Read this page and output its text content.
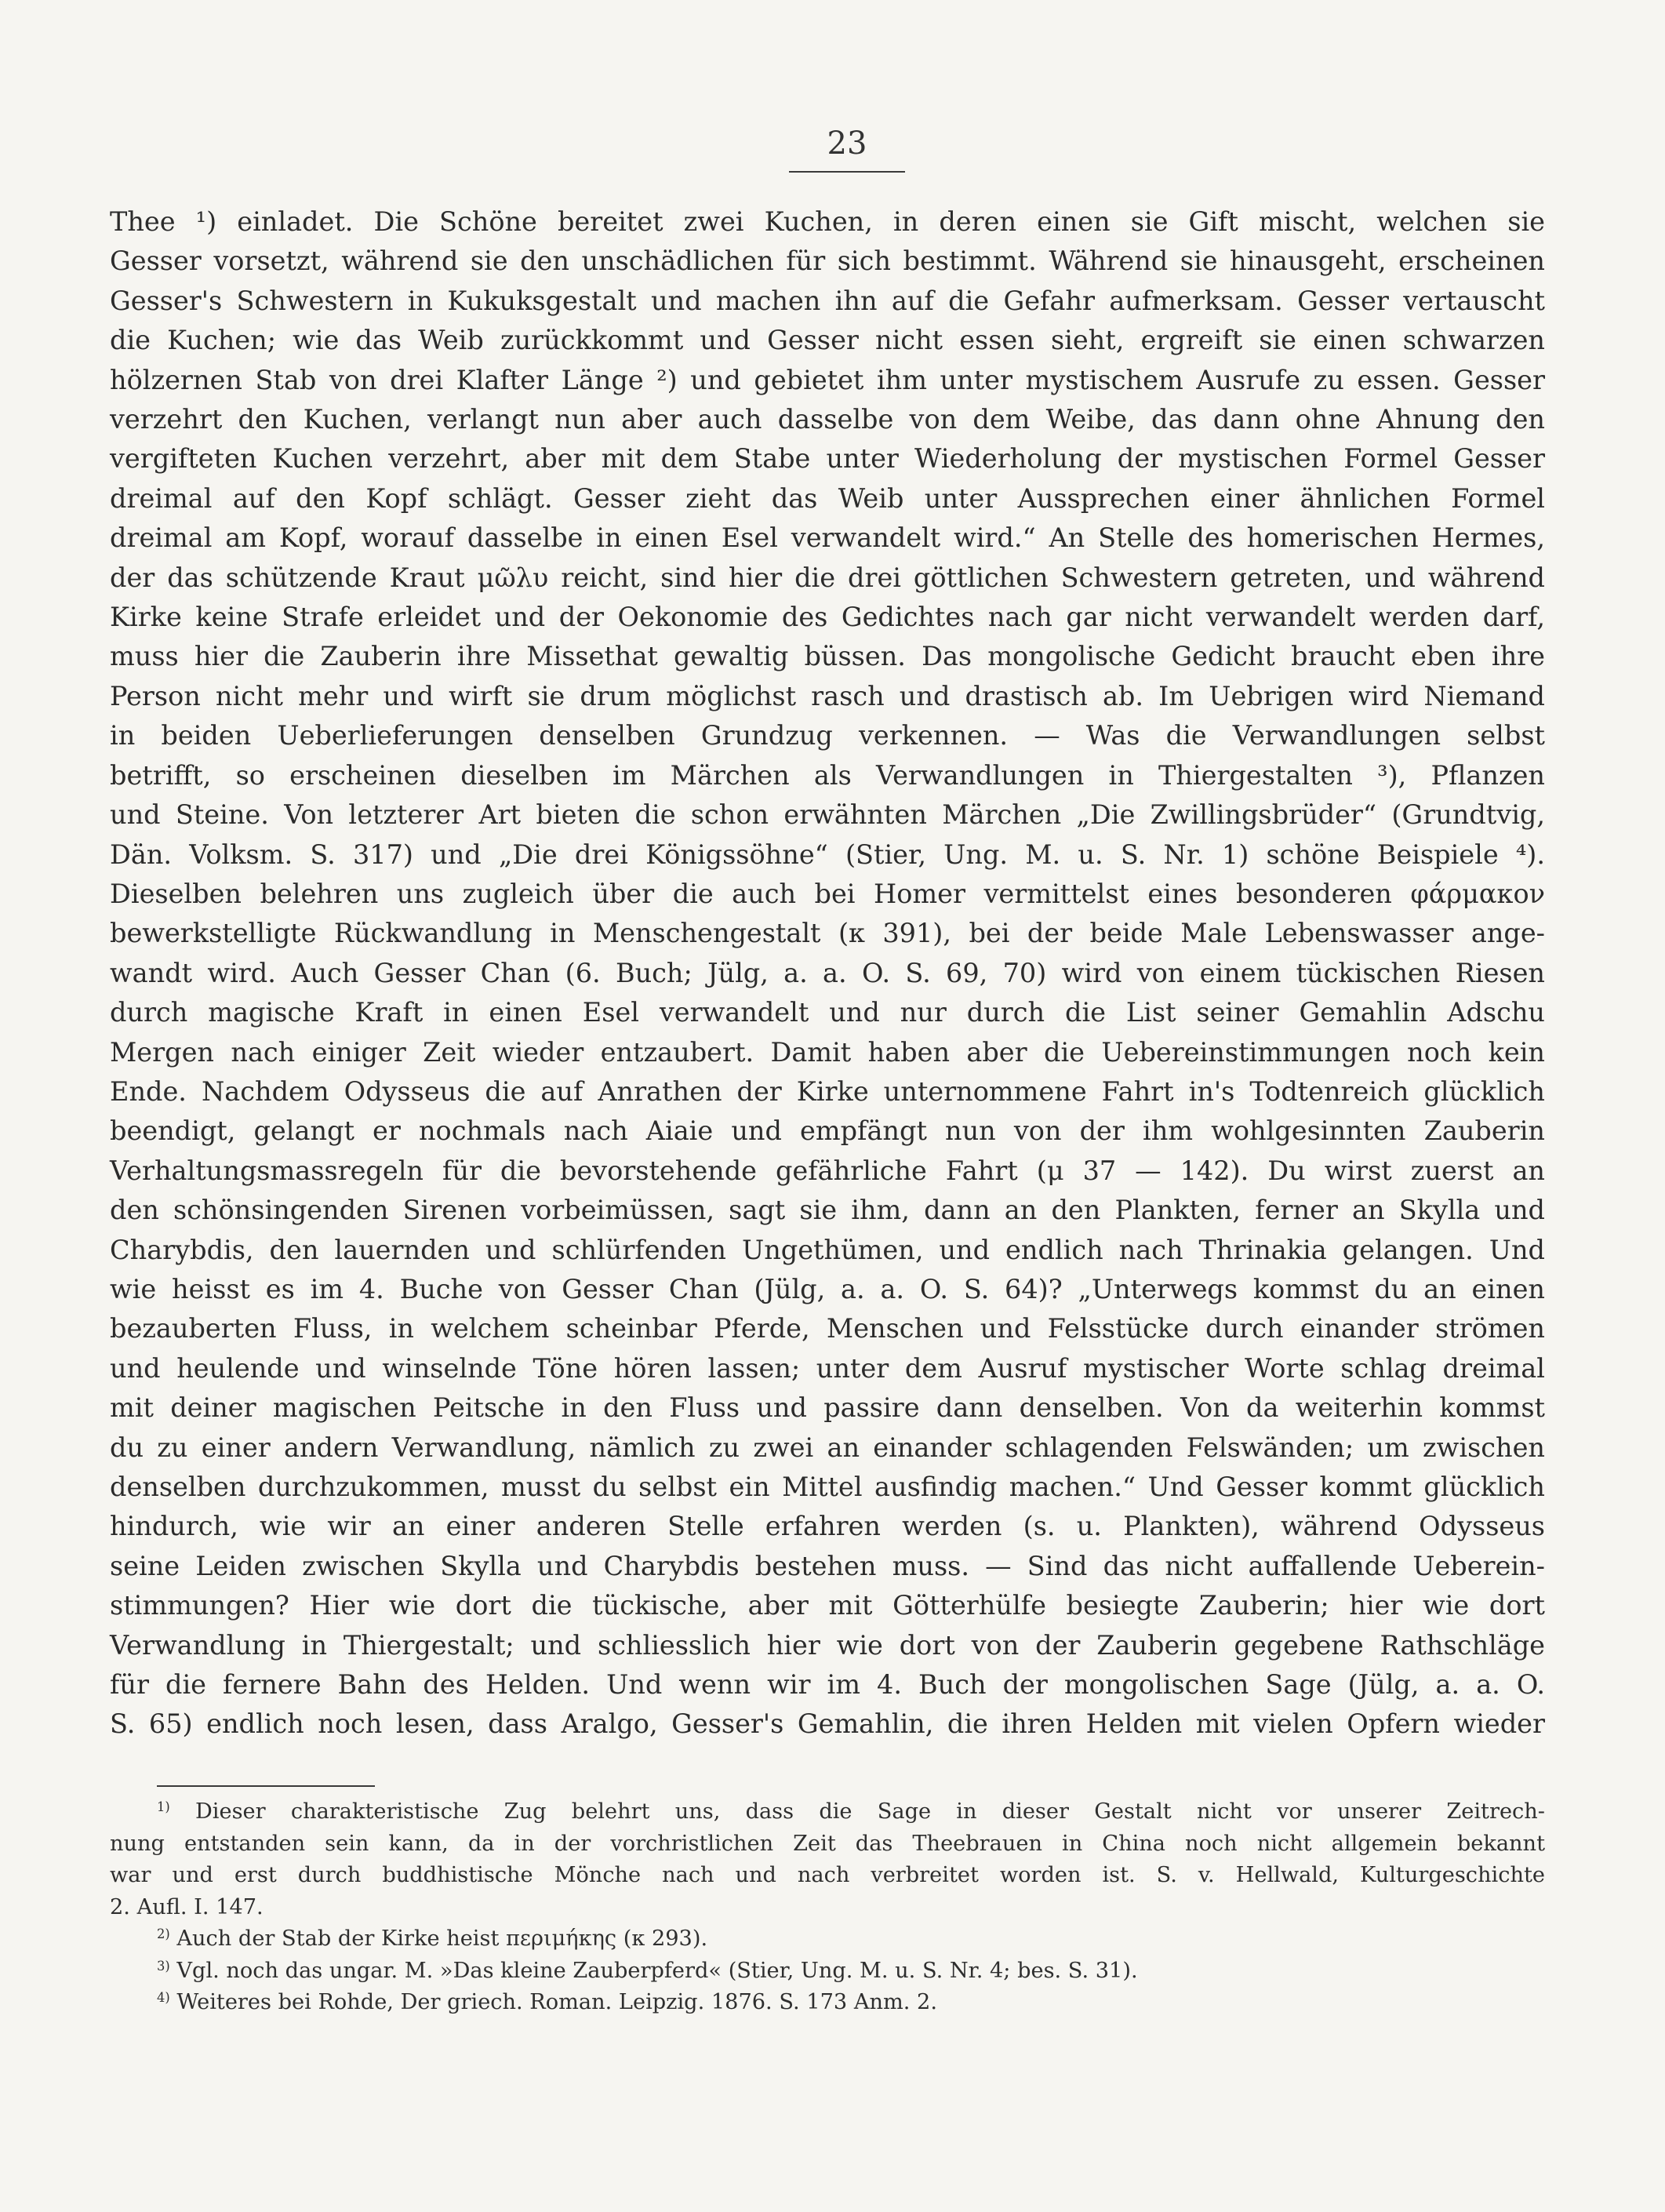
23
Thee ¹) einladet. Die Schöne bereitet zwei Kuchen, in deren einen sie Gift mischt, welchen sie
Gesser vorsetzt, während sie den unschädlichen für sich bestimmt. Während sie hinausgeht, erscheinen
Gesser's Schwestern in Kukuksgestalt und machen ihn auf die Gefahr aufmerksam. Gesser vertauscht
die Kuchen; wie das Weib zurückkommt und Gesser nicht essen sieht, ergreift sie einen schwarzen
hölzernen Stab von drei Klafter Länge ²) und gebietet ihm unter mystischem Ausrufe zu essen. Gesser
verzehrt den Kuchen, verlangt nun aber auch dasselbe von dem Weibe, das dann ohne Ahnung den
vergifteten Kuchen verzehrt, aber mit dem Stabe unter Wiederholung der mystischen Formel Gesser
dreimal auf den Kopf schlägt. Gesser zieht das Weib unter Aussprechen einer ähnlichen Formel
dreimal am Kopf, worauf dasselbe in einen Esel verwandelt wird.“ An Stelle des homerischen Hermes,
der das schützende Kraut μῶλυ reicht, sind hier die drei göttlichen Schwestern getreten, und während
Kirke keine Strafe erleidet und der Oekonomie des Gedichtes nach gar nicht verwandelt werden darf,
muss hier die Zauberin ihre Missethat gewaltig büssen. Das mongolische Gedicht braucht eben ihre
Person nicht mehr und wirft sie drum möglichst rasch und drastisch ab. Im Uebrigen wird Niemand
in beiden Ueberlieferungen denselben Grundzug verkennen. — Was die Verwandlungen selbst
betrifft, so erscheinen dieselben im Märchen als Verwandlungen in Thiergestalten ³), Pflanzen
und Steine. Von letzterer Art bieten die schon erwähnten Märchen „Die Zwillingsbrüder“ (Grundtvig,
Dän. Volksm. S. 317) und „Die drei Königssöhne“ (Stier, Ung. M. u. S. Nr. 1) schöne Beispiele ⁴).
Dieselben belehren uns zugleich über die auch bei Homer vermittelst eines besonderen φάρμακον
bewerkstelligte Rückwandlung in Menschengestalt (κ 391), bei der beide Male Lebenswasser ange-
wandt wird. Auch Gesser Chan (6. Buch; Jülg, a. a. O. S. 69, 70) wird von einem tückischen Riesen
durch magische Kraft in einen Esel verwandelt und nur durch die List seiner Gemahlin Adschu
Mergen nach einiger Zeit wieder entzaubert. Damit haben aber die Uebereinstimmungen noch kein
Ende. Nachdem Odysseus die auf Anrathen der Kirke unternommene Fahrt in's Todtenreich glücklich
beendigt, gelangt er nochmals nach Aiaie und empfängt nun von der ihm wohlgesinnten Zauberin
Verhaltungsmassregeln für die bevorstehende gefährliche Fahrt (μ 37 — 142). Du wirst zuerst an
den schönsingenden Sirenen vorbeimüssen, sagt sie ihm, dann an den Plankten, ferner an Skylla und
Charybdis, den lauernden und schlürfenden Ungethümen, und endlich nach Thrinakia gelangen. Und
wie heisst es im 4. Buche von Gesser Chan (Jülg, a. a. O. S. 64)? „Unterwegs kommst du an einen
bezauberten Fluss, in welchem scheinbar Pferde, Menschen und Felsstücke durch einander strömen
und heulende und winselnde Töne hören lassen; unter dem Ausruf mystischer Worte schlag dreimal
mit deiner magischen Peitsche in den Fluss und passire dann denselben. Von da weiterhin kommst
du zu einer andern Verwandlung, nämlich zu zwei an einander schlagenden Felswänden; um zwischen
denselben durchzukommen, musst du selbst ein Mittel ausfindig machen.“ Und Gesser kommt glücklich
hindurch, wie wir an einer anderen Stelle erfahren werden (s. u. Plankten), während Odysseus
seine Leiden zwischen Skylla und Charybdis bestehen muss. — Sind das nicht auffallende Ueberein-
stimmungen? Hier wie dort die tückische, aber mit Götterhülfe besiegte Zauberin; hier wie dort
Verwandlung in Thiergestalt; und schliesslich hier wie dort von der Zauberin gegebene Rathschläge
für die fernere Bahn des Helden. Und wenn wir im 4. Buch der mongolischen Sage (Jülg, a. a. O.
S. 65) endlich noch lesen, dass Aralgo, Gesser's Gemahlin, die ihren Helden mit vielen Opfern wieder
$^{1)}$ Dieser charakteristische Zug belehrt uns, dass die Sage in dieser Gestalt nicht vor unserer Zeitrech-
nung entstanden sein kann, da in der vorchristlichen Zeit das Theebrauen in China noch nicht allgemein bekannt
war und erst durch buddhistische Mönche nach und nach verbreitet worden ist. S. v. Hellwald, Kulturgeschichte
2. Aufl. I. 147.
$^{2)}$ Auch der Stab der Kirke heist περιμήκης (κ 293).
$^{3)}$ Vgl. noch das ungar. M. »Das kleine Zauberpferd« (Stier, Ung. M. u. S. Nr. 4; bes. S. 31).
$^{4)}$ Weiteres bei Rohde, Der griech. Roman. Leipzig. 1876. S. 173 Anm. 2.
